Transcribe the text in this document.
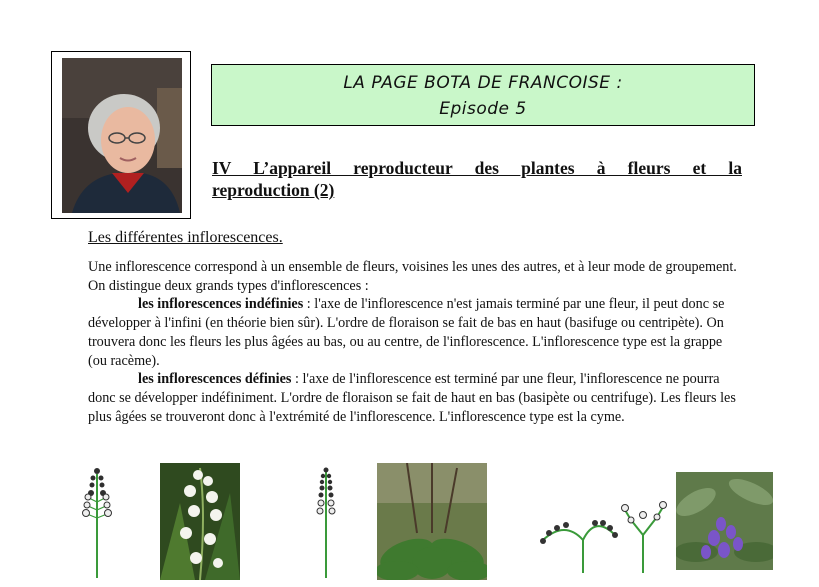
LA PAGE BOTA DE FRANCOISE :
Episode 5
IV L’appareil reproducteur des plantes à fleurs et la
reproduction (2)
Les différentes inflorescences.

Une inflorescence correspond à un ensemble de fleurs, voisines les unes des autres, et à leur mode de groupement.

On distingue deux grands types d'inflorescences :

les inflorescences indéfinies : l'axe de l'inflorescence n'est jamais terminé par une fleur, il peut donc se développer à l'infini (en théorie bien sûr). L'ordre de floraison se fait de bas en haut (basifuge ou centripète). On trouvera donc les fleurs les plus âgées au bas, ou au centre, de l'inflorescence. L'inflorescence type est la grappe (ou racème).

les inflorescences définies : l'axe de l'inflorescence est terminé par une fleur, l'inflorescence ne pourra donc se développer indéfiniment. L'ordre de floraison se fait de haut en bas (basipète ou centrifuge). Les fleurs les plus âgées se trouveront donc à l'extrémité de l'inflorescence. L'inflorescence type est la cyme.
